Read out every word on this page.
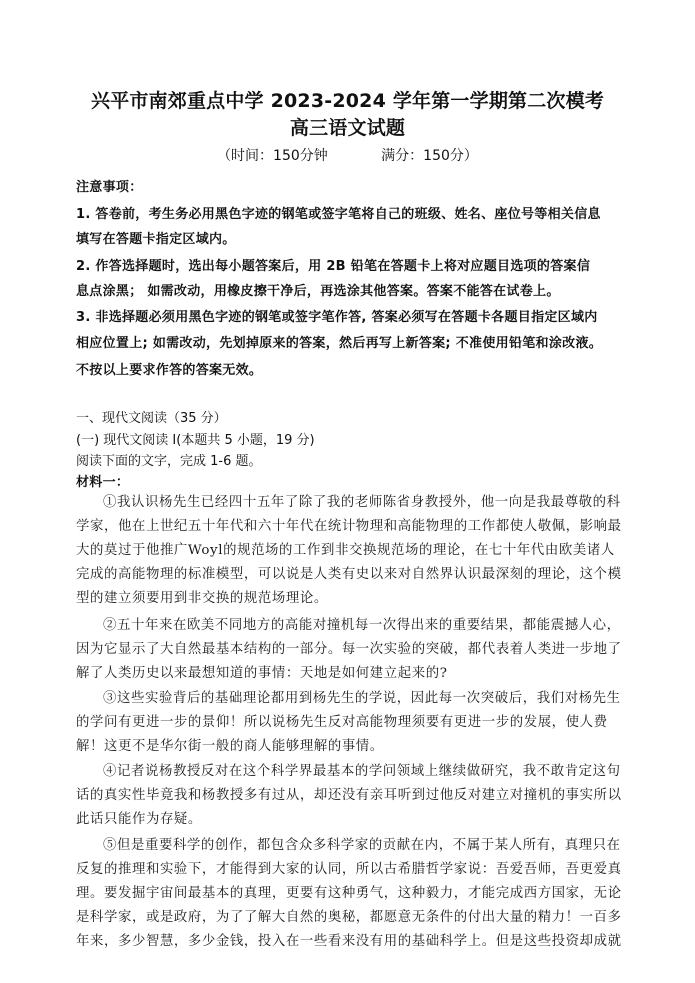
兴平市南郊重点中学 2023-2024 学年第一学期第二次模考
高三语文试题
（时间：150分钟            满分：150分）
注意事项：
1. 答卷前，考生务必用黑色字迹的钢笔或签字笔将自己的班级、姓名、座位号等相关信息
填写在答题卡指定区域内。
2. 作答选择题时，选出每小题答案后，用 2B 铅笔在答题卡上将对应题目选项的答案信
息点涂黑； 如需改动，用橡皮擦干净后，再选涂其他答案。答案不能答在试卷上。
3. 非选择题必须用黑色字迹的钢笔或签字笔作答, 答案必须写在答题卡各题目指定区域内
相应位置上; 如需改动，先划掉原来的答案，然后再写上新答案; 不准使用铅笔和涂改液。
不按以上要求作答的答案无效。
一、现代文阅读（35 分）
(一) 现代文阅读 I(本题共 5 小题，19 分)
阅读下面的文字，完成 1-6 题。
材料一：
①我认识杨先生已经四十五年了除了我的老师陈省身教授外，他一向是我最尊敬的科
学家，他在上世纪五十年代和六十年代在统计物理和高能物理的工作都使人敬佩，影响最
大的莫过于他推广Woyl的规范场的工作到非交换规范场的理论，在七十年代由欧美诸人
完成的高能物理的标准模型，可以说是人类有史以来对自然界认识最深刻的理论，这个模
型的建立须要用到非交换的规范场理论。
②五十年来在欧美不同地方的高能对撞机每一次得出来的重要结果，都能震撼人心，
因为它显示了大自然最基本结构的一部分。每一次实验的突破，都代表着人类进一步地了
解了人类历史以来最想知道的事情：天地是如何建立起来的?
③这些实验背后的基础理论都用到杨先生的学说，因此每一次突破后，我们对杨先生
的学问有更进一步的景仰！所以说杨先生反对高能物理须要有更进一步的发展，使人费
解！这更不是华尔街一般的商人能够理解的事情。
④记者说杨教授反对在这个科学界最基本的学问领域上继续做研究，我不敢肯定这句
话的真实性毕竟我和杨教授多有过从，却还没有亲耳听到过他反对建立对撞机的事实所以
此话只能作为存疑。
⑤但是重要科学的创作，都包含众多科学家的贡献在内，不属于某人所有，真理只在
反复的推理和实验下，才能得到大家的认同，所以古希腊哲学家说：吾爱吾师，吾更爱真
理。要发掘宇宙间最基本的真理，更要有这种勇气，这种毅力，才能完成西方国家，无论
是科学家，或是政府，为了了解大自然的奥秘，都愿意无条件的付出大量的精力！一百多
年来，多少智慧，多少金钱，投入在一些看来没有用的基础科学上。但是这些投资却成就
